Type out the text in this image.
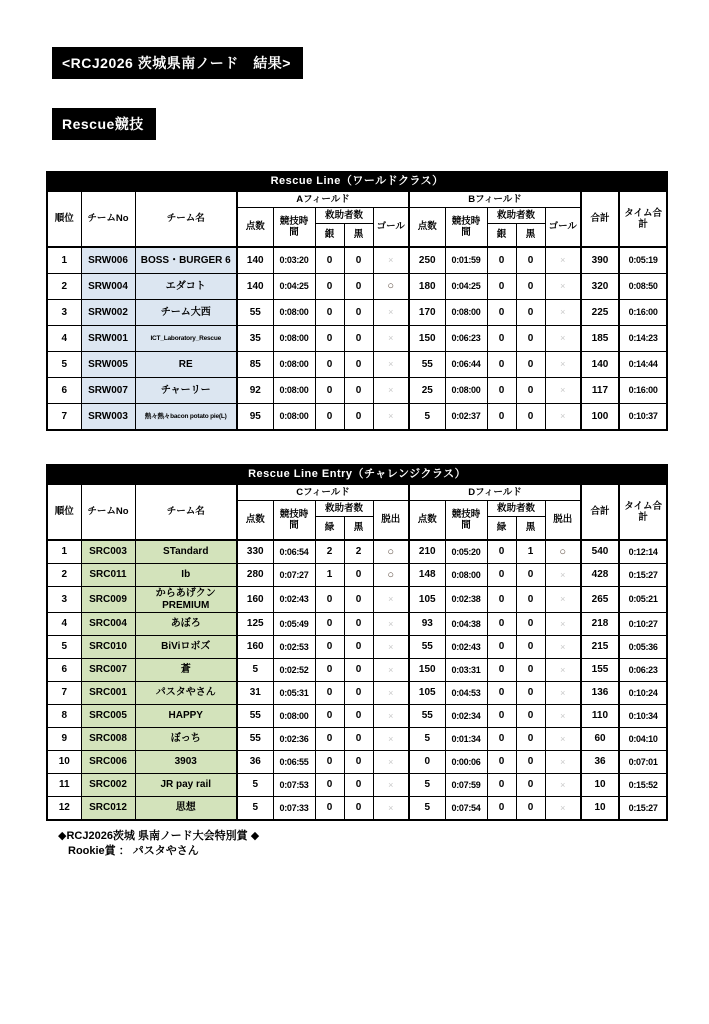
<RCJ2026 茨城県南ノード　結果>
Rescue競技
Rescue Line（ワールドクラス）														
順位	チームNo	チーム名	Aフィールド					Bフィールド					合計	タイム合計
			点数	競技時間	救助者数		ゴール	点数	競技時間	救助者数		ゴール		
					銀	黒				銀	黒			
1	SRW006	BOSS・BURGER 6	140	0:03:20	0	0	×	250	0:01:59	0	0	×	390	0:05:19
2	SRW004	エダコト	140	0:04:25	0	0	○	180	0:04:25	0	0	×	320	0:08:50
3	SRW002	チーム大西	55	0:08:00	0	0	×	170	0:08:00	0	0	×	225	0:16:00
4	SRW001	ICT_Laboratory_Rescue	35	0:08:00	0	0	×	150	0:06:23	0	0	×	185	0:14:23
5	SRW005	RE	85	0:08:00	0	0	×	55	0:06:44	0	0	×	140	0:14:44
6	SRW007	チャーリー	92	0:08:00	0	0	×	25	0:08:00	0	0	×	117	0:16:00
7	SRW003	熱々熱々bacon potato pie(L)	95	0:08:00	0	0	×	5	0:02:37	0	0	×	100	0:10:37
Rescue Line Entry（チャレンジクラス）														
順位	チームNo	チーム名	Cフィールド					Dフィールド					合計	タイム合計
			点数	競技時間	救助者数		脱出	点数	競技時間	救助者数		脱出		
					緑	黒				緑	黒			
1	SRC003	STandard	330	0:06:54	2	2	○	210	0:05:20	0	1	○	540	0:12:14
2	SRC011	Ib	280	0:07:27	1	0	○	148	0:08:00	0	0	×	428	0:15:27
3	SRC009	からあげクン PREMIUM	160	0:02:43	0	0	×	105	0:02:38	0	0	×	265	0:05:21
4	SRC004	あぼろ	125	0:05:49	0	0	×	93	0:04:38	0	0	×	218	0:10:27
5	SRC010	BiViロボズ	160	0:02:53	0	0	×	55	0:02:43	0	0	×	215	0:05:36
6	SRC007	蒼	5	0:02:52	0	0	×	150	0:03:31	0	0	×	155	0:06:23
7	SRC001	パスタやさん	31	0:05:31	0	0	×	105	0:04:53	0	0	×	136	0:10:24
8	SRC005	HAPPY	55	0:08:00	0	0	×	55	0:02:34	0	0	×	110	0:10:34
9	SRC008	ぼっち	55	0:02:36	0	0	×	5	0:01:34	0	0	×	60	0:04:10
10	SRC006	3903	36	0:06:55	0	0	×	0	0:00:06	0	0	×	36	0:07:01
11	SRC002	JR pay rail	5	0:07:53	0	0	×	5	0:07:59	0	0	×	10	0:15:52
12	SRC012	思想	5	0:07:33	0	0	×	5	0:07:54	0	0	×	10	0:15:27
◆RCJ2026茨城 県南ノード大会特別賞 ◆
Rookie賞 ： パスタやさん
